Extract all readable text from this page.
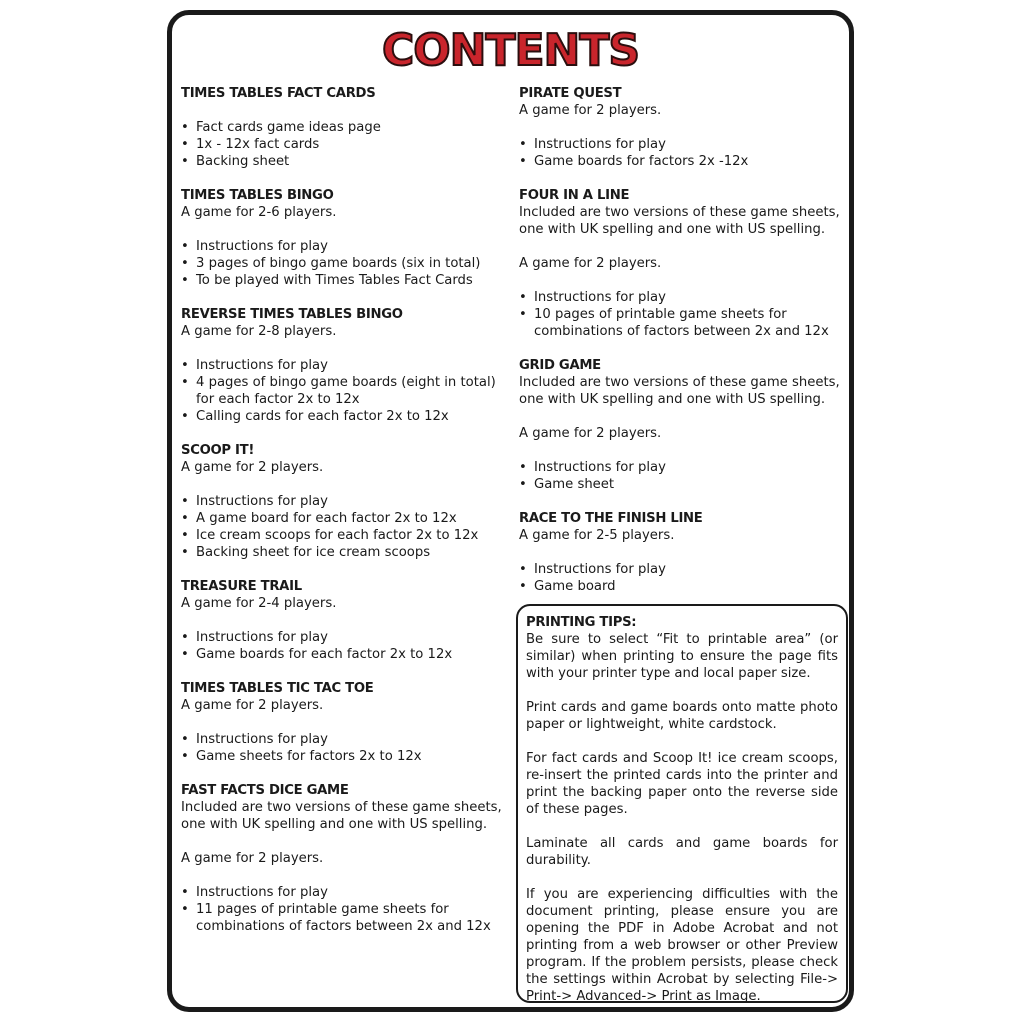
CONTENTS
TIMES TABLES FACT CARDS
• Fact cards game ideas page
• 1x - 12x fact cards
• Backing sheet
TIMES TABLES BINGO
A game for 2-6 players.
• Instructions for play
• 3 pages of bingo game boards (six in total)
• To be played with Times Tables Fact Cards
REVERSE TIMES TABLES BINGO
A game for 2-8 players.
• Instructions for play
• 4 pages of bingo game boards (eight in total) for each factor 2x to 12x
• Calling cards for each factor 2x to 12x
SCOOP IT!
A game for 2 players.
• Instructions for play
• A game board for each factor 2x to 12x
• Ice cream scoops for each factor 2x to 12x
• Backing sheet for ice cream scoops
TREASURE TRAIL
A game for 2-4 players.
• Instructions for play
• Game boards for each factor 2x to 12x
TIMES TABLES TIC TAC TOE
A game for 2 players.
• Instructions for play
• Game sheets for factors 2x to 12x
FAST FACTS DICE GAME
Included are two versions of these game sheets, one with UK spelling and one with US spelling.
A game for 2 players.
• Instructions for play
• 11 pages of printable game sheets for combinations of factors between 2x and 12x
PIRATE QUEST
A game for 2 players.
• Instructions for play
• Game boards for factors 2x -12x
FOUR IN A LINE
Included are two versions of these game sheets, one with UK spelling and one with US spelling.
A game for 2 players.
• Instructions for play
• 10 pages of printable game sheets for combinations of factors between 2x and 12x
GRID GAME
Included are two versions of these game sheets, one with UK spelling and one with US spelling.
A game for 2 players.
• Instructions for play
• Game sheet
RACE TO THE FINISH LINE
A game for 2-5 players.
• Instructions for play
• Game board
PRINTING TIPS:

Be sure to select “Fit to printable area” (or similar) when printing to ensure the page fits with your printer type and local paper size.

Print cards and game boards onto matte photo paper or lightweight, white cardstock.

For fact cards and Scoop It! ice cream scoops, re-insert the printed cards into the printer and print the backing paper onto the reverse side of these pages.

Laminate all cards and game boards for durability.

If you are experiencing difficulties with the document printing, please ensure you are opening the PDF in Adobe Acrobat and not printing from a web browser or other Preview program. If the problem persists, please check the settings within Acrobat by selecting File-> Print-> Advanced-> Print as Image.
